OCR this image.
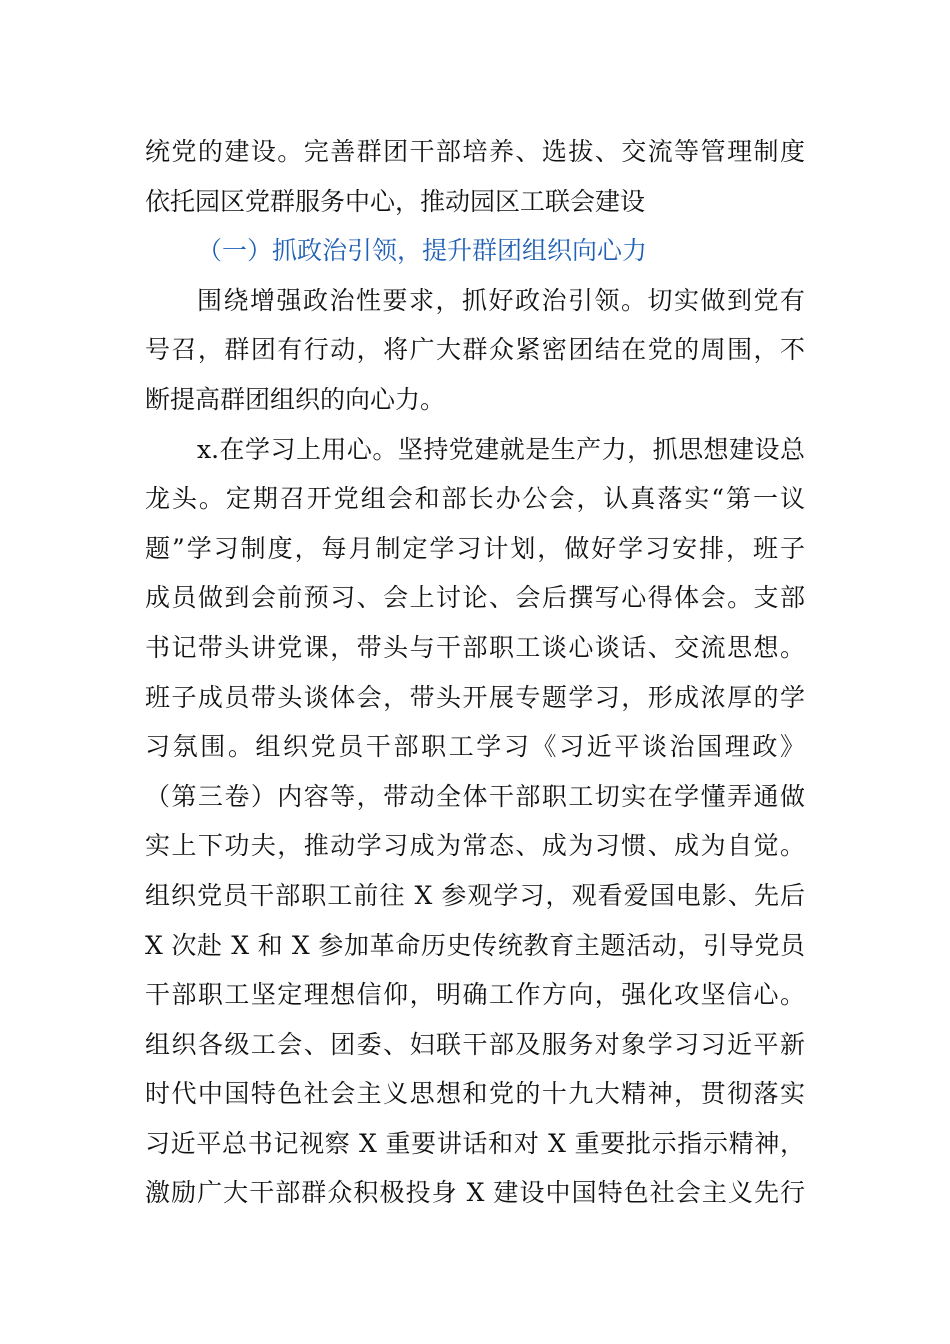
统党的建设。完善群团干部培养、选拔、交流等管理制度
依托园区党群服务中心，推动园区工联会建设
（一）抓政治引领，提升群团组织向心力
围绕增强政治性要求，抓好政治引领。切实做到党有
号召，群团有行动，将广大群众紧密团结在党的周围，不
断提高群团组织的向心力。
x.在学习上用心。坚持党建就是生产力，抓思想建设总
龙头。定期召开党组会和部长办公会，认真落实“第一议
题”学习制度，每月制定学习计划，做好学习安排，班子
成员做到会前预习、会上讨论、会后撰写心得体会。支部
书记带头讲党课，带头与干部职工谈心谈话、交流思想。
班子成员带头谈体会，带头开展专题学习，形成浓厚的学
习氛围。组织党员干部职工学习《习近平谈治国理政》
（第三卷）内容等，带动全体干部职工切实在学懂弄通做
实上下功夫，推动学习成为常态、成为习惯、成为自觉。
组织党员干部职工前往 X 参观学习，观看爱国电影、先后
X 次赴 X 和 X 参加革命历史传统教育主题活动，引导党员
干部职工坚定理想信仰，明确工作方向，强化攻坚信心。
组织各级工会、团委、妇联干部及服务对象学习习近平新
时代中国特色社会主义思想和党的十九大精神，贯彻落实
习近平总书记视察 X 重要讲话和对 X 重要批示指示精神，
激励广大干部群众积极投身 X 建设中国特色社会主义先行
